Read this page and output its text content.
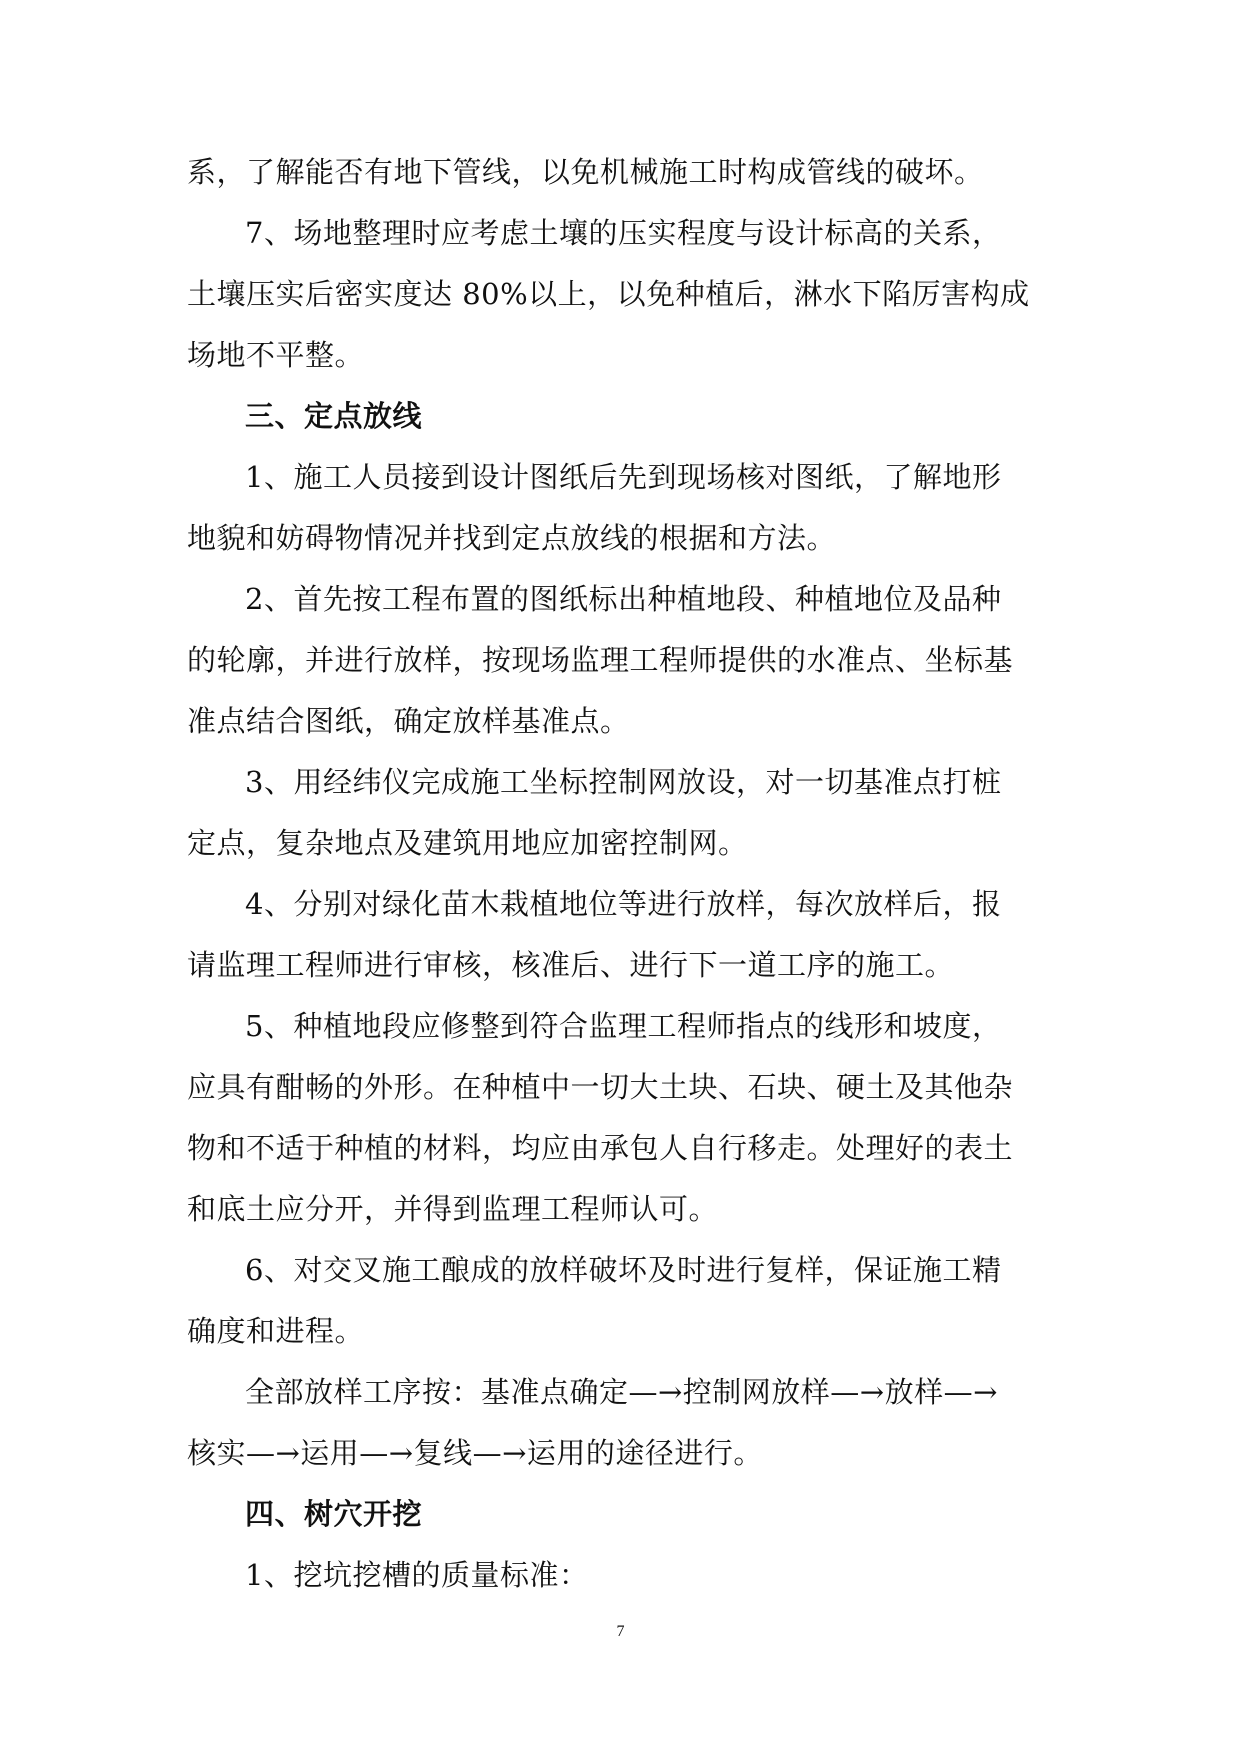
系，了解能否有地下管线，以免机械施工时构成管线的破坏。
7、场地整理时应考虑土壤的压实程度与设计标高的关系，
土壤压实后密实度达 80%以上，以免种植后，淋水下陷厉害构成
场地不平整。
三、定点放线
1、施工人员接到设计图纸后先到现场核对图纸，了解地形
地貌和妨碍物情况并找到定点放线的根据和方法。
2、首先按工程布置的图纸标出种植地段、种植地位及品种
的轮廓，并进行放样，按现场监理工程师提供的水准点、坐标基
准点结合图纸，确定放样基准点。
3、用经纬仪完成施工坐标控制网放设，对一切基准点打桩
定点，复杂地点及建筑用地应加密控制网。
4、分别对绿化苗木栽植地位等进行放样，每次放样后，报
请监理工程师进行审核，核准后、进行下一道工序的施工。
5、种植地段应修整到符合监理工程师指点的线形和坡度，
应具有酣畅的外形。在种植中一切大土块、石块、硬土及其他杂
物和不适于种植的材料，均应由承包人自行移走。处理好的表土
和底土应分开，并得到监理工程师认可。
6、对交叉施工酿成的放样破坏及时进行复样，保证施工精
确度和进程。
全部放样工序按：基准点确定—→控制网放样—→放样—→
核实—→运用—→复线—→运用的途径进行。
四、树穴开挖
1、挖坑挖槽的质量标准：
7
